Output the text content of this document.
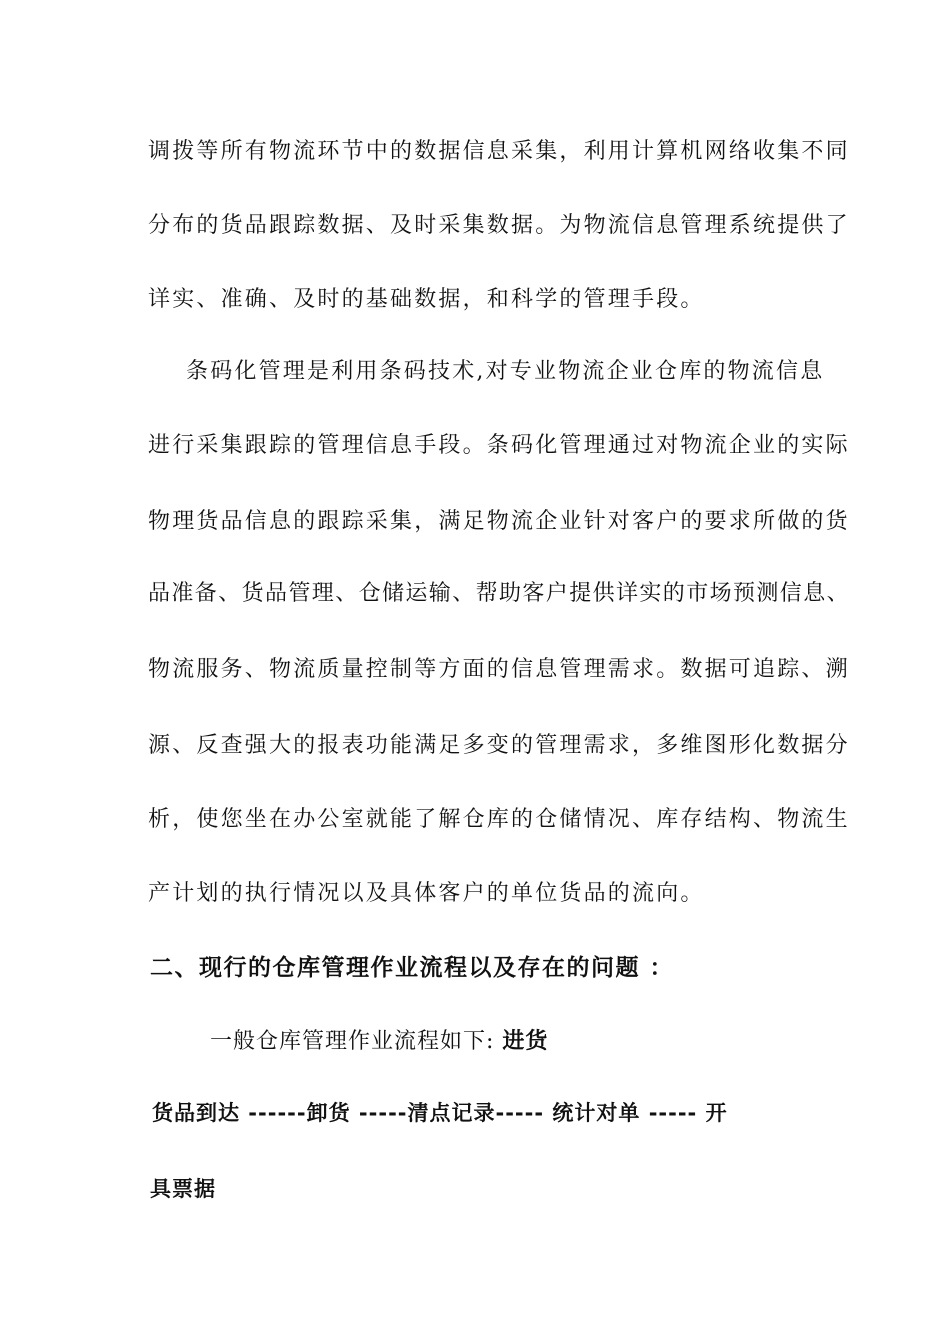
调拨等所有物流环节中的数据信息采集，利用计算机网络收集不同
分布的货品跟踪数据、及时采集数据。为物流信息管理系统提供了
详实、准确、及时的基础数据，和科学的管理手段。
条码化管理是利用条码技术,对专业物流企业仓库的物流信息
进行采集跟踪的管理信息手段。条码化管理通过对物流企业的实际
物理货品信息的跟踪采集，满足物流企业针对客户的要求所做的货
品准备、货品管理、仓储运输、帮助客户提供详实的市场预测信息、
物流服务、物流质量控制等方面的信息管理需求。数据可追踪、溯
源、反查强大的报表功能满足多变的管理需求，多维图形化数据分
析，使您坐在办公室就能了解仓库的仓储情况、库存结构、物流生
产计划的执行情况以及具体客户的单位货品的流向。
二、现行的仓库管理作业流程以及存在的问题 ：
一般仓库管理作业流程如下: 进货
货品到达 ------卸货 -----清点记录----- 统计对单 ----- 开
具票据
